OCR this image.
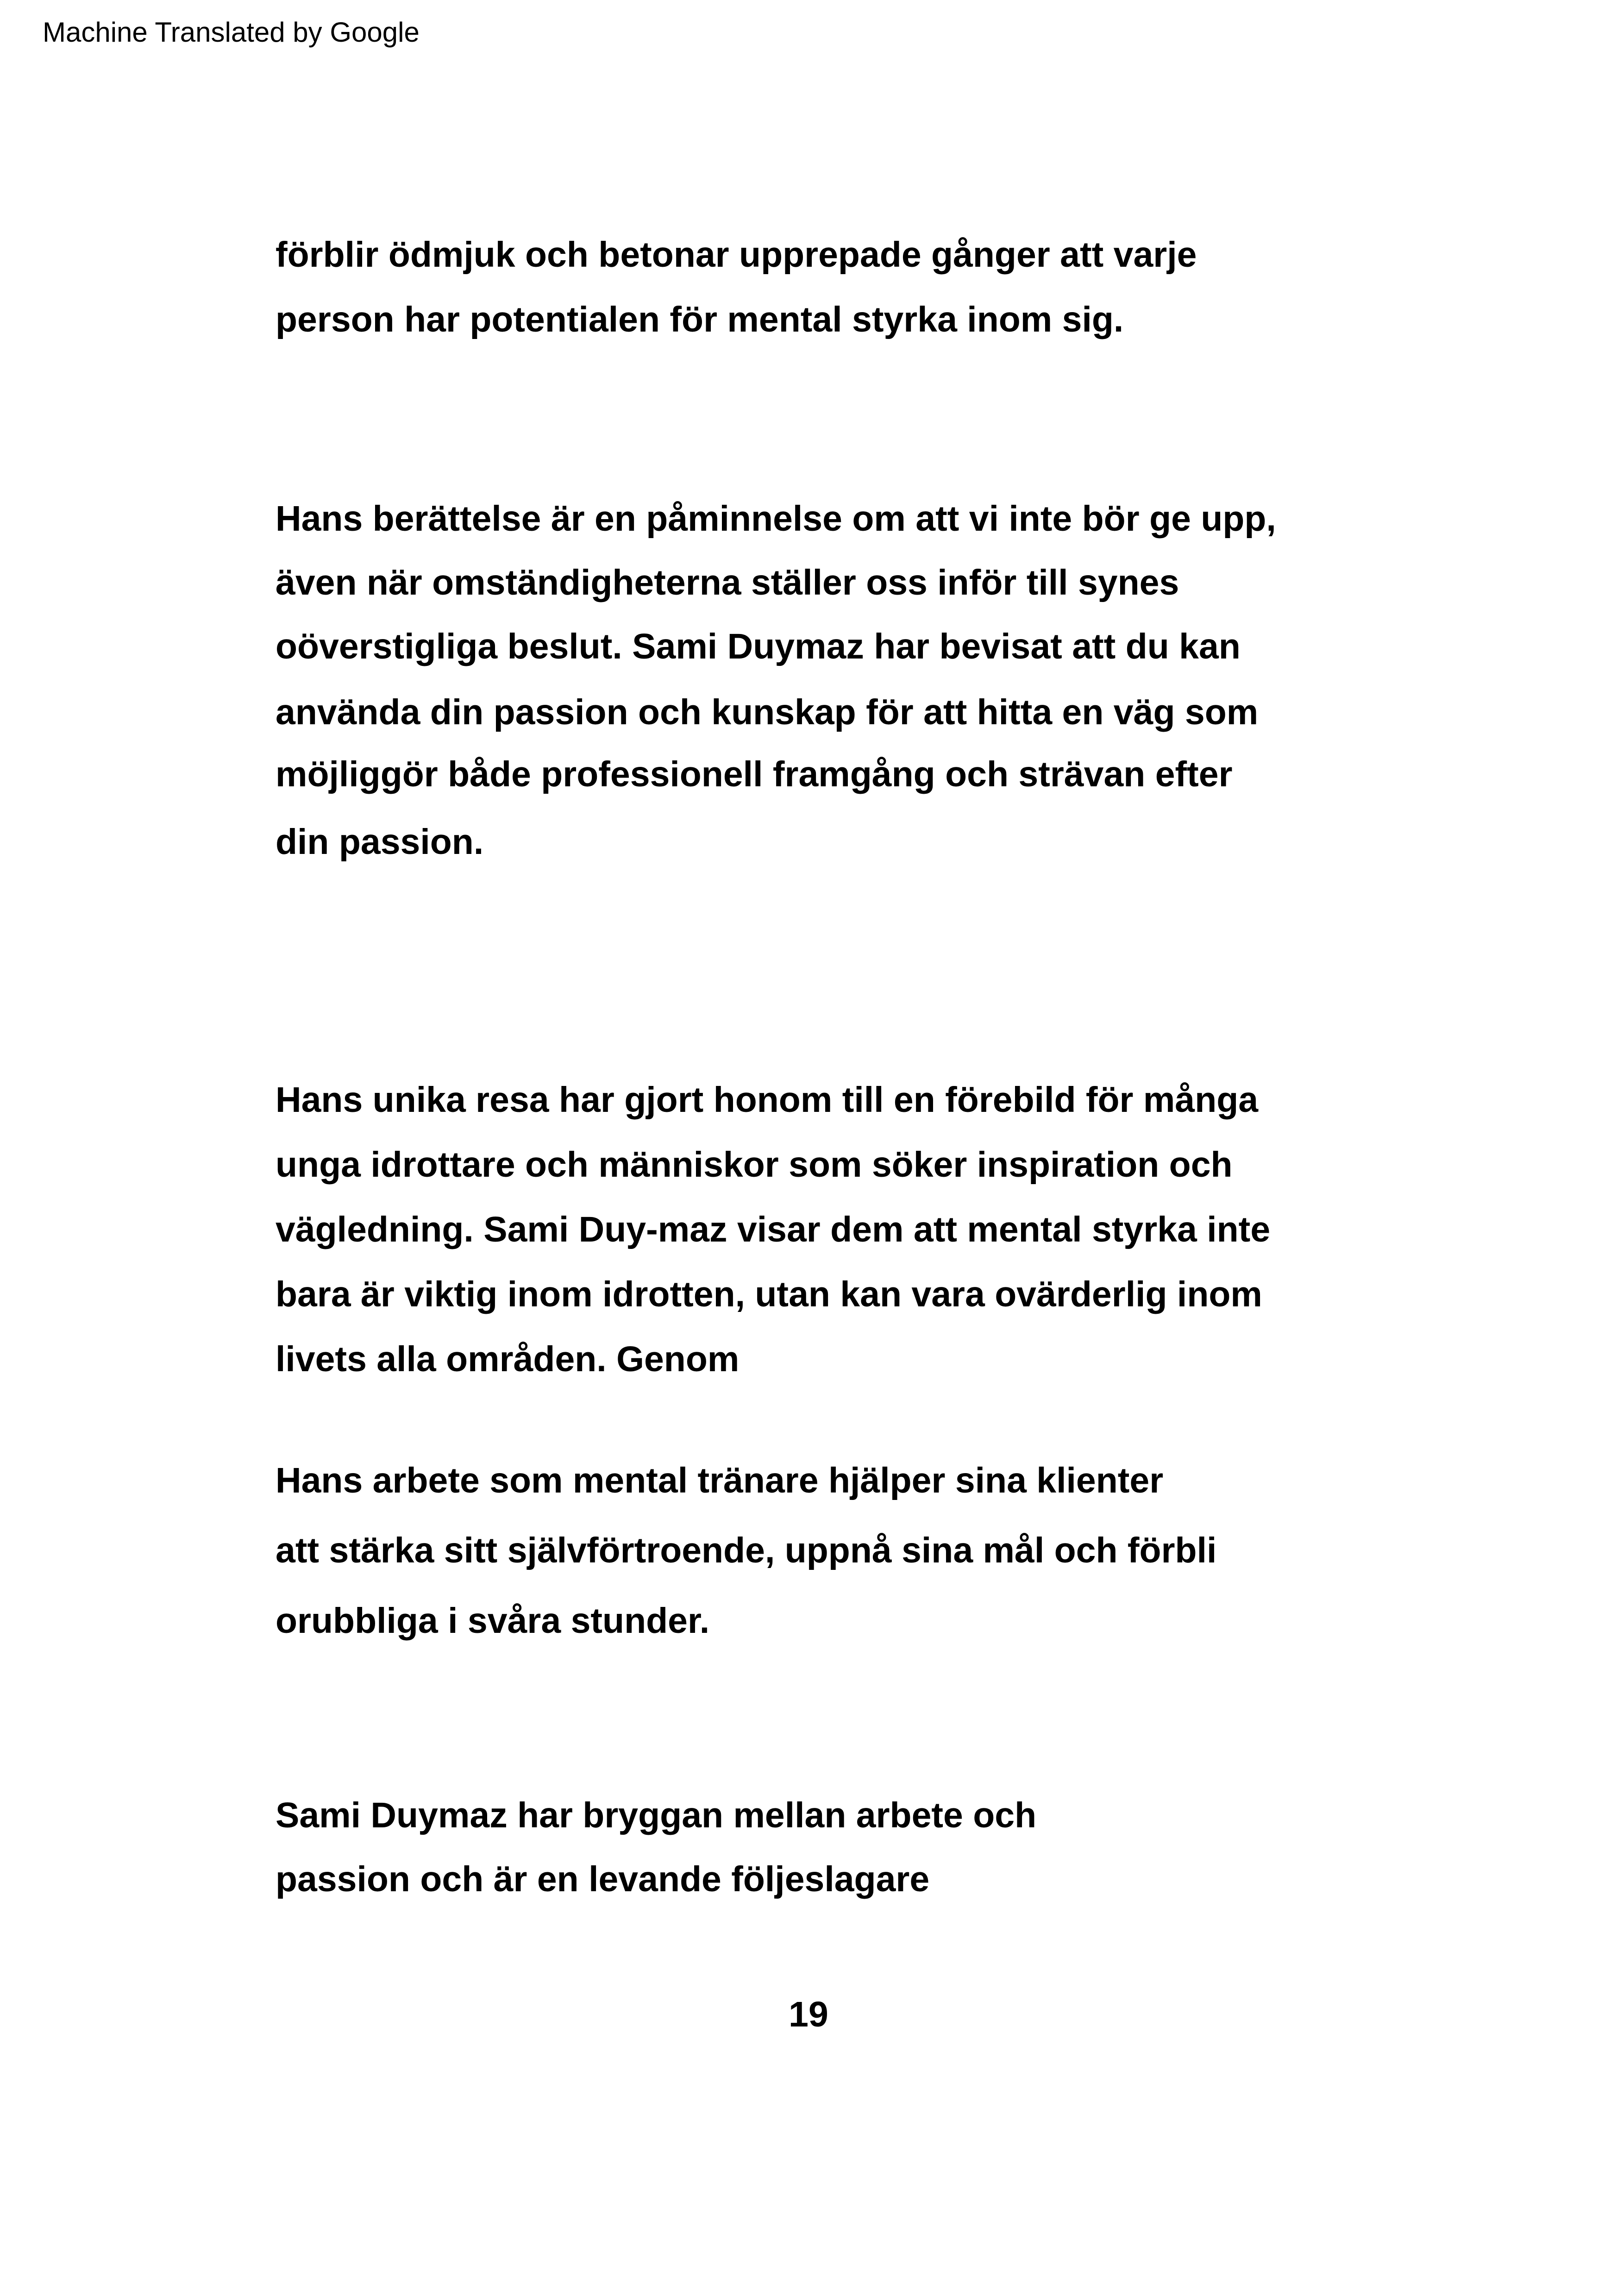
Machine Translated by Google
förblir ödmjuk och betonar upprepade gånger att varje
person har potentialen för mental styrka inom sig.
Hans berättelse är en påminnelse om att vi inte bör ge upp,
även när omständigheterna ställer oss inför till synes
oöverstigliga beslut. Sami Duymaz har bevisat att du kan
använda din passion och kunskap för att hitta en väg som
möjliggör både professionell framgång och strävan efter
din passion.
Hans unika resa har gjort honom till en förebild för många
unga idrottare och människor som söker inspiration och
vägledning. Sami Duy-maz visar dem att mental styrka inte
bara är viktig inom idrotten, utan kan vara ovärderlig inom
livets alla områden. Genom
Hans arbete som mental tränare hjälper sina klienter
att stärka sitt självförtroende, uppnå sina mål och förbli
orubbliga i svåra stunder.
Sami Duymaz har bryggan mellan arbete och
passion och är en levande följeslagare
19
